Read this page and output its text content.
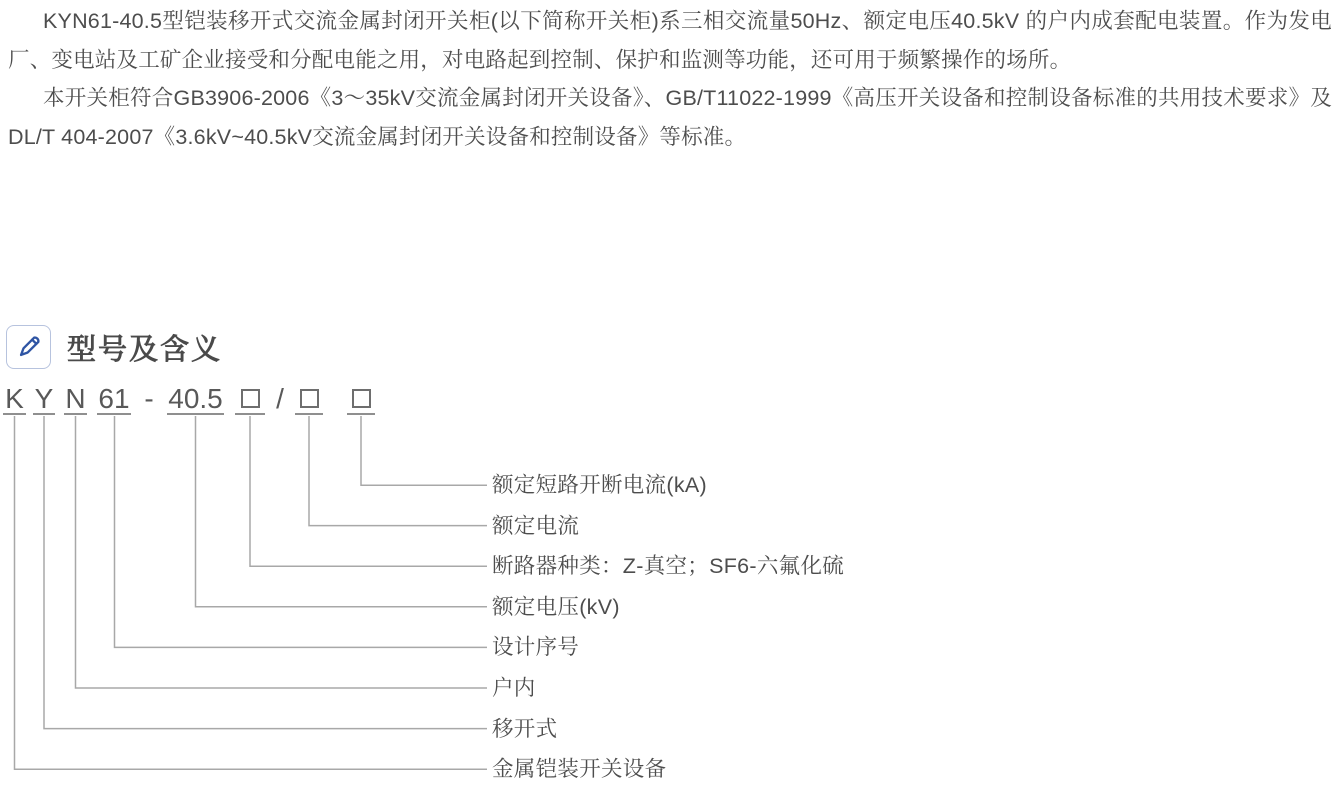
KYN61-40.5型铠装移开式交流金属封闭开关柜(以下简称开关柜)系三相交流量50Hz、额定电压40.5kV 的户内成套配电装置。作为发电厂、变电站及工矿企业接受和分配电能之用，对电路起到控制、保护和监测等功能，还可用于频繁操作的场所。

本开关柜符合GB3906-2006《3～35kV交流金属封闭开关设备》、GB/T11022-1999《高压开关设备和控制设备标准的共用技术要求》及DL/T 404-2007《3.6kV~40.5kV交流金属封闭开关设备和控制设备》等标准。

型号及含义
K Y N 61 - 40.5 /
额定短路开断电流(kA)
额定电流
断路器种类：Z-真空；SF6-六氟化硫
额定电压(kV)
设计序号
户内
移开式
金属铠装开关设备
